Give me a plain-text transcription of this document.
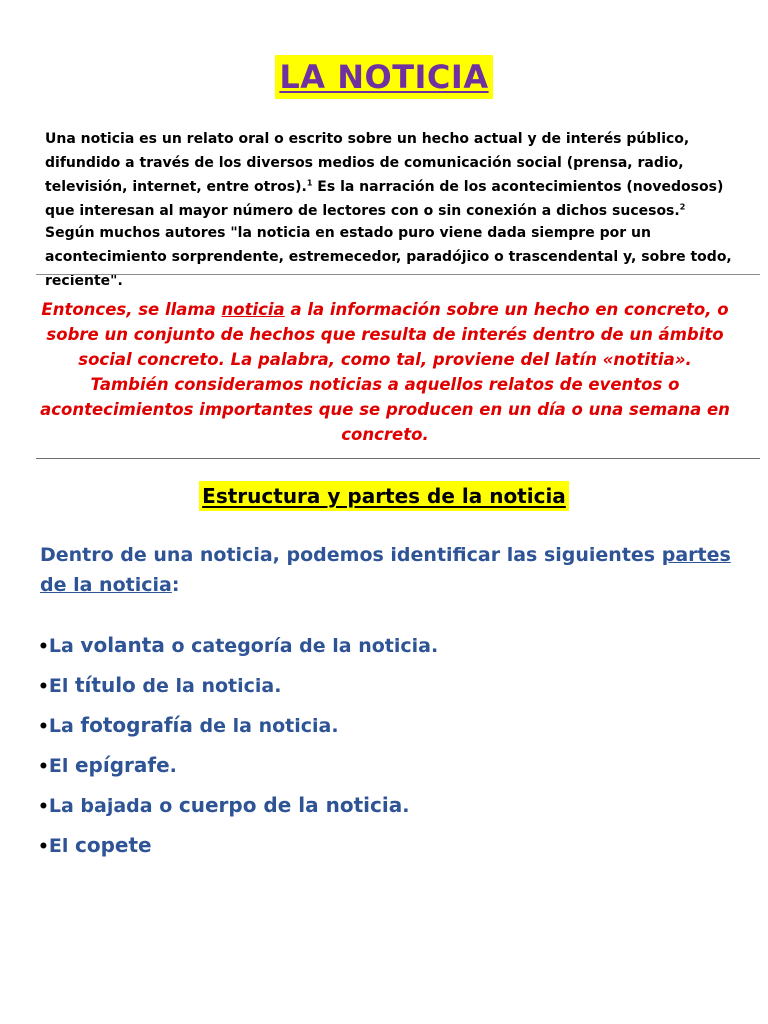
LA NOTICIA

Una noticia es un relato oral o escrito sobre un hecho actual y de interés público, difundido a través de los diversos medios de comunicación social (prensa, radio, televisión, internet, entre otros).$^1$ Es la narración de los acontecimientos (novedosos) que interesan al mayor número de lectores con o sin conexión a dichos sucesos.$^2$

Según muchos autores "la noticia en estado puro viene dada siempre por un acontecimiento sorprendente, estremecedor, paradójico o trascendental y, sobre todo, reciente".

Entonces, se llama noticia a la información sobre un hecho en concreto, o sobre un conjunto de hechos que resulta de interés dentro de un ámbito social concreto. La palabra, como tal, proviene del latín «notitia». También consideramos noticias a aquellos relatos de eventos o acontecimientos importantes que se producen en un día o una semana en concreto.

Estructura y partes de la noticia

Dentro de una noticia, podemos identificar las siguientes partes de la noticia:

•La volanta o categoría de la noticia.
•El título de la noticia.
•La fotografía de la noticia.
•El epígrafe.
•La bajada o cuerpo de la noticia.
•El copete
